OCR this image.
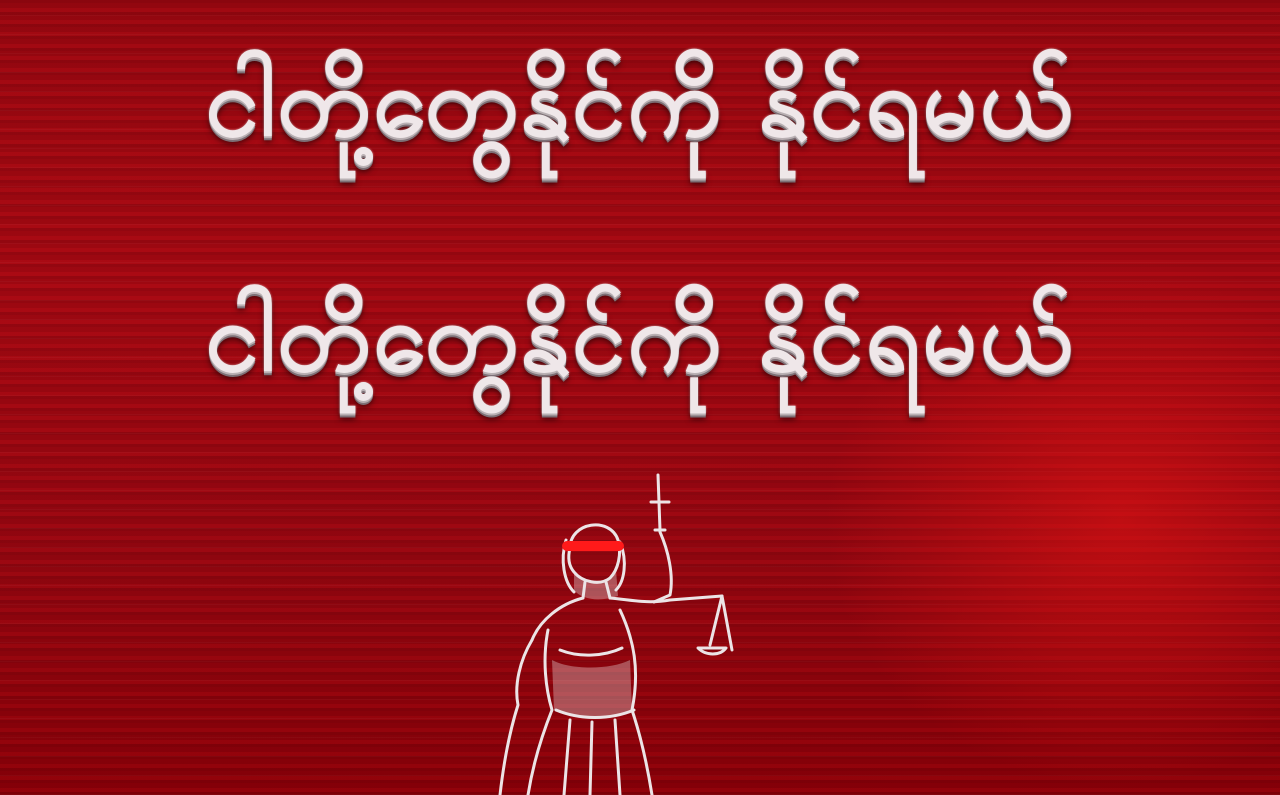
ငါတို့တွေနိုင်ကို နိုင်ရမယ်
ငါတို့တွေနိုင်ကို နိုင်ရမယ်
